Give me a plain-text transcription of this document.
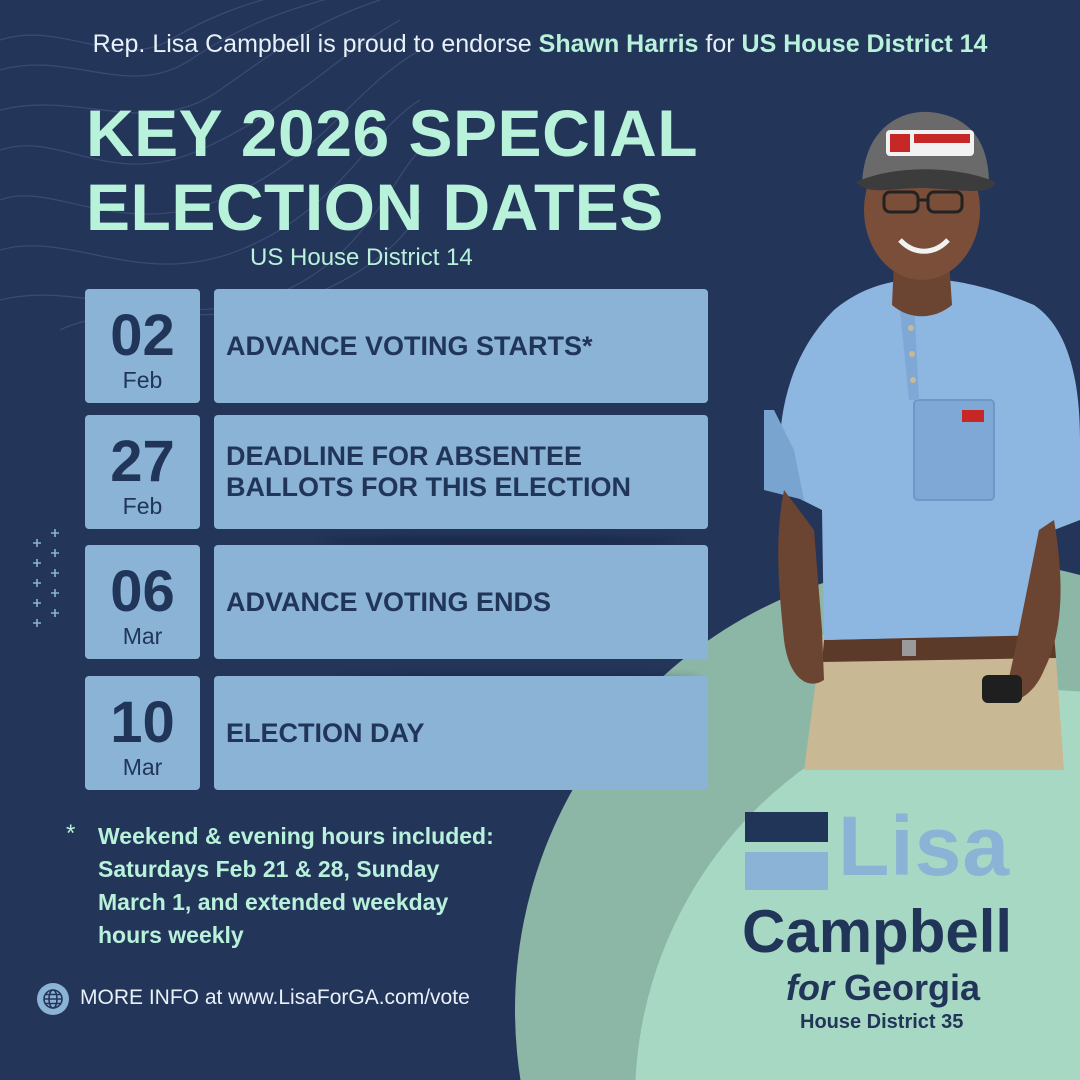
Rep. Lisa Campbell is proud to endorse Shawn Harris for US House District 14
KEY 2026 SPECIAL
ELECTION DATES
US House District 14
02
Feb
ADVANCE VOTING STARTS*
27
Feb
DEADLINE FOR ABSENTEE BALLOTS FOR THIS ELECTION
06
Mar
ADVANCE VOTING ENDS
10
Mar
ELECTION DAY
* Weekend & evening hours included: Saturdays Feb 21 & 28, Sunday March 1, and extended weekday hours weekly
MORE INFO at www.LisaForGA.com/vote
Lisa
Campbell
for Georgia
House District 35
